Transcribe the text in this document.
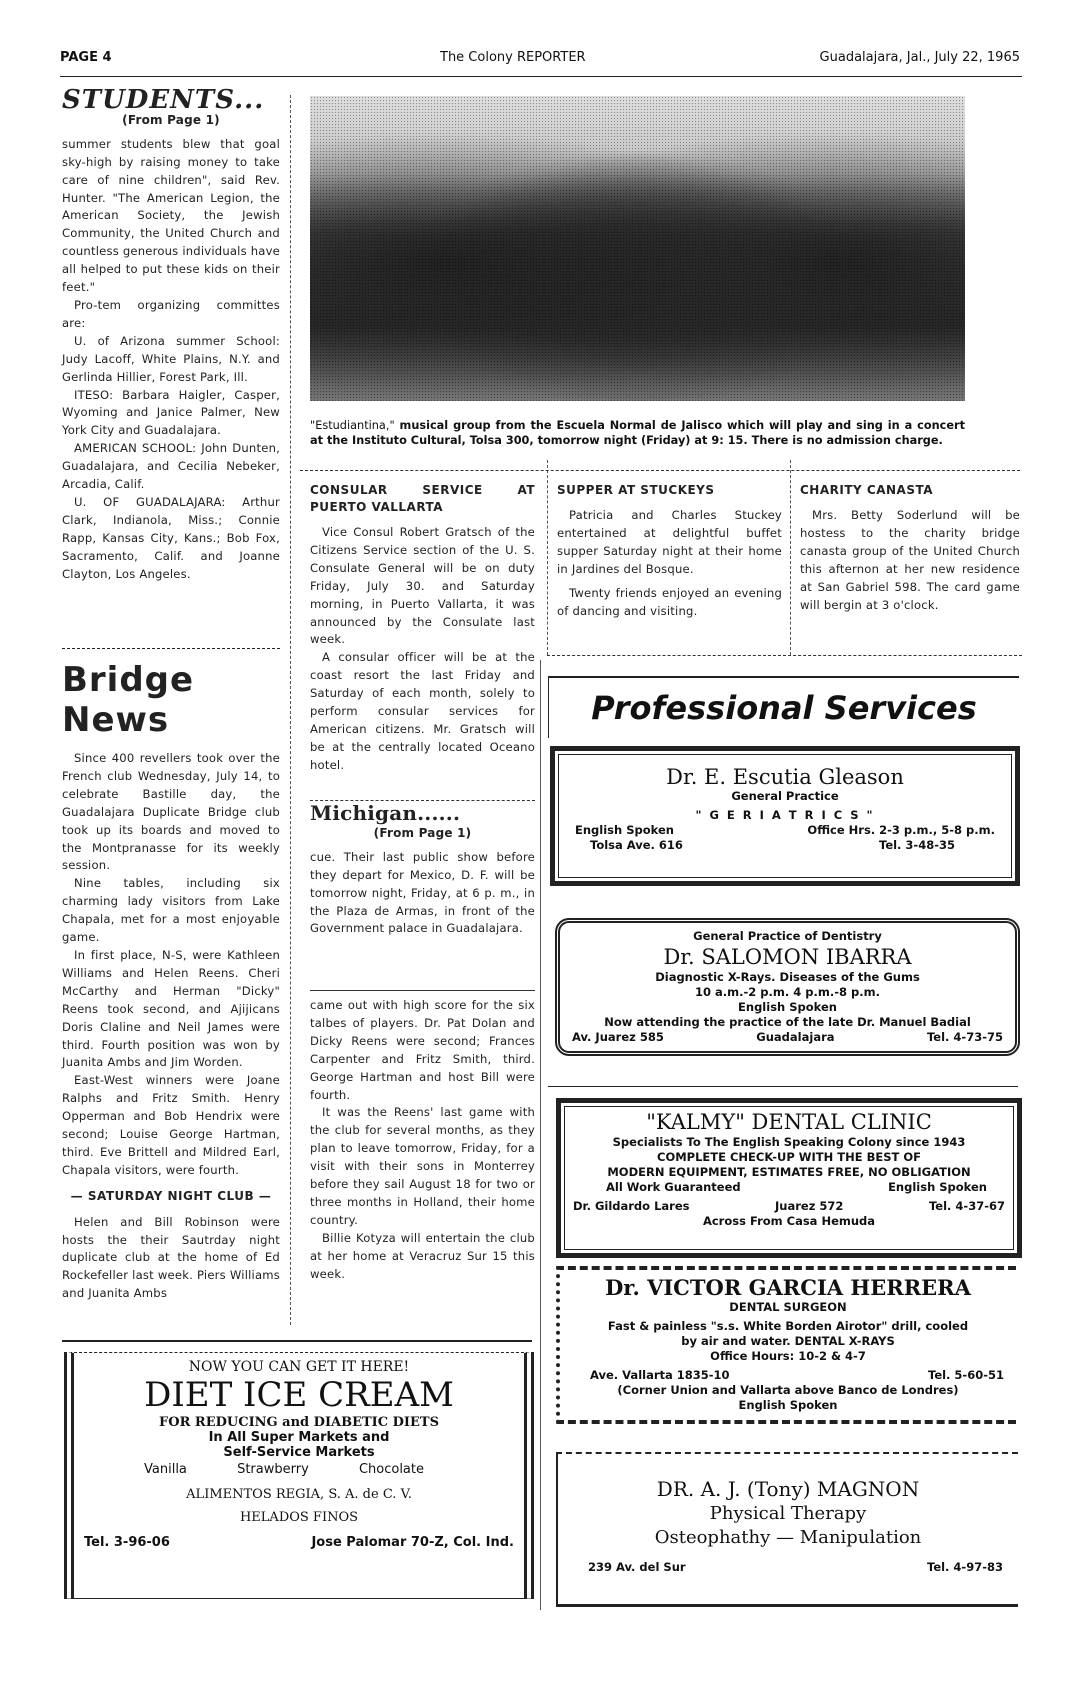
PAGE 4	The Colony REPORTER	Guadalajara, Jal., July 22, 1965
STUDENTS...
(From Page 1)

summer students blew that goal sky-high by raising money to take care of nine children", said Rev. Hunter. "The American Legion, the American Society, the Jewish Community, the United Church and countless generous individuals have all helped to put these kids on their feet."

Pro-tem organizing committes are:

U. of Arizona summer School: Judy Lacoff, White Plains, N.Y. and Gerlinda Hillier, Forest Park, Ill.

ITESO: Barbara Haigler, Casper, Wyoming and Janice Palmer, New York City and Guadalajara.

AMERICAN SCHOOL: John Dunten, Guadalajara, and Cecilia Nebeker, Arcadia, Calif.

U. OF GUADALAJARA: Arthur Clark, Indianola, Miss.; Connie Rapp, Kansas City, Kans.; Bob Fox, Sacramento, Calif. and Joanne Clayton, Los Angeles.

Bridge News

Since 400 revellers took over the French club Wednesday, July 14, to celebrate Bastille day, the Guadalajara Duplicate Bridge club took up its boards and moved to the Montpranasse for its weekly session.

Nine tables, including six charming lady visitors from Lake Chapala, met for a most enjoyable game.

In first place, N-S, were Kathleen Williams and Helen Reens. Cheri McCarthy and Herman "Dicky" Reens took second, and Ajijicans Doris Claline and Neil James were third. Fourth position was won by Juanita Ambs and Jim Worden.

East-West winners were Joane Ralphs and Fritz Smith. Henry Opperman and Bob Hendrix were second; Louise George Hartman, third. Eve Brittell and Mildred Earl, Chapala visitors, were fourth.

— SATURDAY NIGHT CLUB —

Helen and Bill Robinson were hosts the their Sautrday night duplicate club at the home of Ed Rockefeller last week. Piers Williams and Juanita Ambs

"Estudiantina," musical group from the Escuela Normal de Jalisco which will play and sing in a concert at the Instituto Cultural, Tolsa 300, tomorrow night (Friday) at 9: 15. There is no admission charge.
CONSULAR SERVICE AT PUERTO VALLARTA

Vice Consul Robert Gratsch of the Citizens Service section of the U. S. Consulate General will be on duty Friday, July 30. and Saturday morning, in Puerto Vallarta, it was announced by the Consulate last week.

A consular officer will be at the coast resort the last Friday and Saturday of each month, solely to perform consular services for American citizens. Mr. Gratsch will be at the centrally located Oceano hotel.

Michigan......
(From Page 1)

cue. Their last public show before they depart for Mexico, D. F. will be tomorrow night, Friday, at 6 p. m., in the Plaza de Armas, in front of the Government palace in Guadalajara.

came out with high score for the six talbes of players. Dr. Pat Dolan and Dicky Reens were second; Frances Carpenter and Fritz Smith, third. George Hartman and host Bill were fourth.

It was the Reens' last game with the club for several months, as they plan to leave tomorrow, Friday, for a visit with their sons in Monterrey before they sail August 18 for two or three months in Holland, their home country.

Billie Kotyza will entertain the club at her home at Veracruz Sur 15 this week.

SUPPER AT STUCKEYS

Patricia and Charles Stuckey entertained at delightful buffet supper Saturday night at their home in Jardines del Bosque.

Twenty friends enjoyed an evening of dancing and visiting.

CHARITY CANASTA

Mrs. Betty Soderlund will be hostess to the charity bridge canasta group of the United Church this afternon at her new residence at San Gabriel 598. The card game will bergin at 3 o'clock.

Professional Services
Dr. E. Escutia Gleason
General Practice
" G E R I A T R I C S "
English Spoken	Office Hrs. 2-3 p.m., 5-8 p.m.
Tolsa Ave. 616	Tel. 3-48-35
General Practice of Dentistry
Dr. SALOMON IBARRA
Diagnostic X-Rays. Diseases of the Gums
10 a.m.-2 p.m. 4 p.m.-8 p.m.
English Spoken
Now attending the practice of the late Dr. Manuel Badial
Av. Juarez 585	Guadalajara	Tel. 4-73-75
"KALMY" DENTAL CLINIC
Specialists To The English Speaking Colony since 1943
COMPLETE CHECK-UP WITH THE BEST OF
MODERN EQUIPMENT, ESTIMATES FREE, NO OBLIGATION
All Work Guaranteed	English Spoken
Dr. Gildardo Lares	Juarez 572	Tel. 4-37-67
Across From Casa Hemuda
Dr. VICTOR GARCIA HERRERA
DENTAL SURGEON
Fast & painless "s.s. White Borden Airotor" drill, cooled
by air and water. DENTAL X-RAYS
Office Hours: 10-2 & 4-7
Ave. Vallarta 1835-10	Tel. 5-60-51
(Corner Union and Vallarta above Banco de Londres)
English Spoken
DR. A. J. (Tony) MAGNON
Physical Therapy
Osteophathy — Manipulation
239 Av. del Sur	Tel. 4-97-83
NOW YOU CAN GET IT HERE!
DIET ICE CREAM
FOR REDUCING and DIABETIC DIETS
In All Super Markets and
Self-Service Markets
Vanilla	Strawberry	Chocolate
ALIMENTOS REGIA, S. A. de C. V.
HELADOS FINOS
Tel. 3-96-06	Jose Palomar 70-Z, Col. Ind.
